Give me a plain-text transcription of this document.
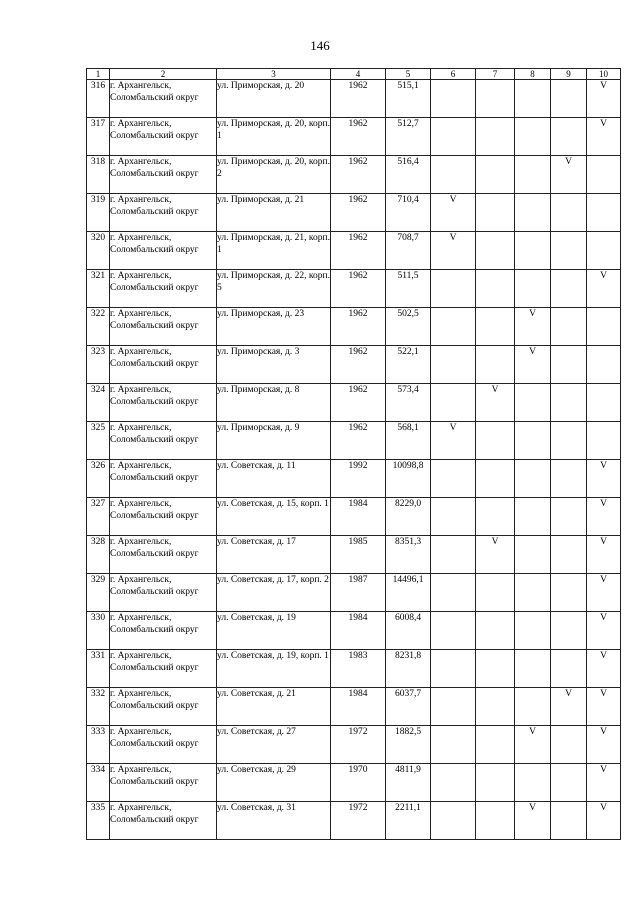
146
1	2	3	4	5	6	7	8	9	10
316	г. Архангельск, Соломбальский округ	ул. Приморская, д. 20	1962	515,1					V
317	г. Архангельск, Соломбальский округ	ул. Приморская, д. 20, корп. 1	1962	512,7					V
318	г. Архангельск, Соломбальский округ	ул. Приморская, д. 20, корп. 2	1962	516,4				V	
319	г. Архангельск, Соломбальский округ	ул. Приморская, д. 21	1962	710,4	V				
320	г. Архангельск, Соломбальский округ	ул. Приморская, д. 21, корп. 1	1962	708,7	V				
321	г. Архангельск, Соломбальский округ	ул. Приморская, д. 22, корп. 5	1962	511,5					V
322	г. Архангельск, Соломбальский округ	ул. Приморская, д. 23	1962	502,5			V		
323	г. Архангельск, Соломбальский округ	ул. Приморская, д. 3	1962	522,1			V		
324	г. Архангельск, Соломбальский округ	ул. Приморская, д. 8	1962	573,4		V			
325	г. Архангельск, Соломбальский округ	ул. Приморская, д. 9	1962	568,1	V				
326	г. Архангельск, Соломбальский округ	ул. Советская, д. 11	1992	10098,8					V
327	г. Архангельск, Соломбальский округ	ул. Советская, д. 15, корп. 1	1984	8229,0					V
328	г. Архангельск, Соломбальский округ	ул. Советская, д. 17	1985	8351,3		V			V
329	г. Архангельск, Соломбальский округ	ул. Советская, д. 17, корп. 2	1987	14496,1					V
330	г. Архангельск, Соломбальский округ	ул. Советская, д. 19	1984	6008,4					V
331	г. Архангельск, Соломбальский округ	ул. Советская, д. 19, корп. 1	1983	8231,8					V
332	г. Архангельск, Соломбальский округ	ул. Советская, д. 21	1984	6037,7				V	V
333	г. Архангельск, Соломбальский округ	ул. Советская, д. 27	1972	1882,5			V		V
334	г. Архангельск, Соломбальский округ	ул. Советская, д. 29	1970	4811,9					V
335	г. Архангельск, Соломбальский округ	ул. Советская, д. 31	1972	2211,1			V		V
